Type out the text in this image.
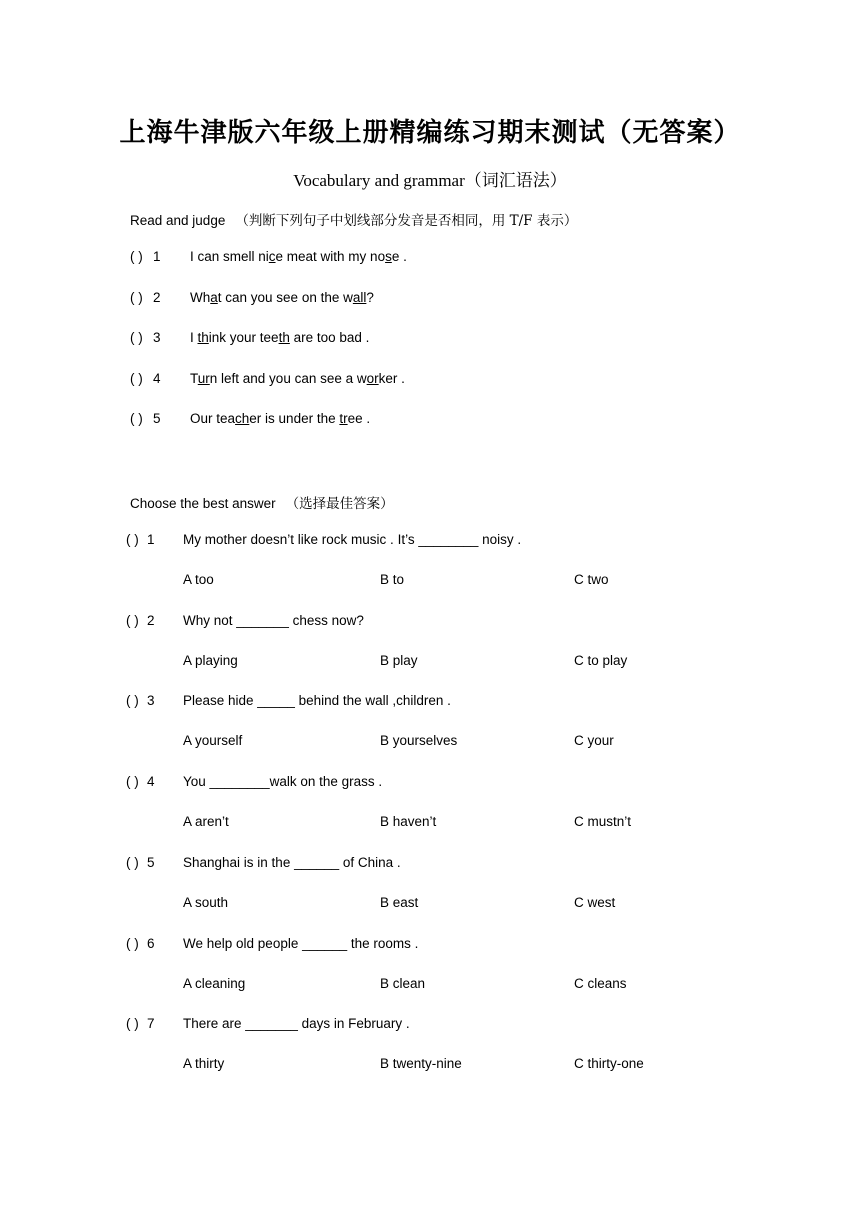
上海牛津版六年级上册精编练习期末测试（无答案）
Vocabulary and grammar（词汇语法）
Read and judge （判断下列句子中划线部分发音是否相同，用 T/F 表示）
( ) 1 I can smell nice meat with my nose .
( ) 2 What can you see on the wall?
( ) 3 I think your teeth are too bad .
( ) 4 Turn left and you can see a worker .
( ) 5 Our teacher is under the tree .
Choose the best answer （选择最佳答案）
( ) 1 My mother doesn’t like rock music . It’s ________ noisy .
A too	B to	C two
( ) 2 Why not _______ chess now?
A playing	B play	C to play
( ) 3 Please hide _____ behind the wall ,children .
A yourself	B yourselves	C your
( ) 4 You ________walk on the grass .
A aren’t	B haven’t	C mustn’t
( ) 5 Shanghai is in the ______ of China .
A south	B east	C west
( ) 6 We help old people ______ the rooms .
A cleaning	B clean	C cleans
( ) 7 There are _______ days in February .
A thirty	B twenty-nine	C thirty-one
